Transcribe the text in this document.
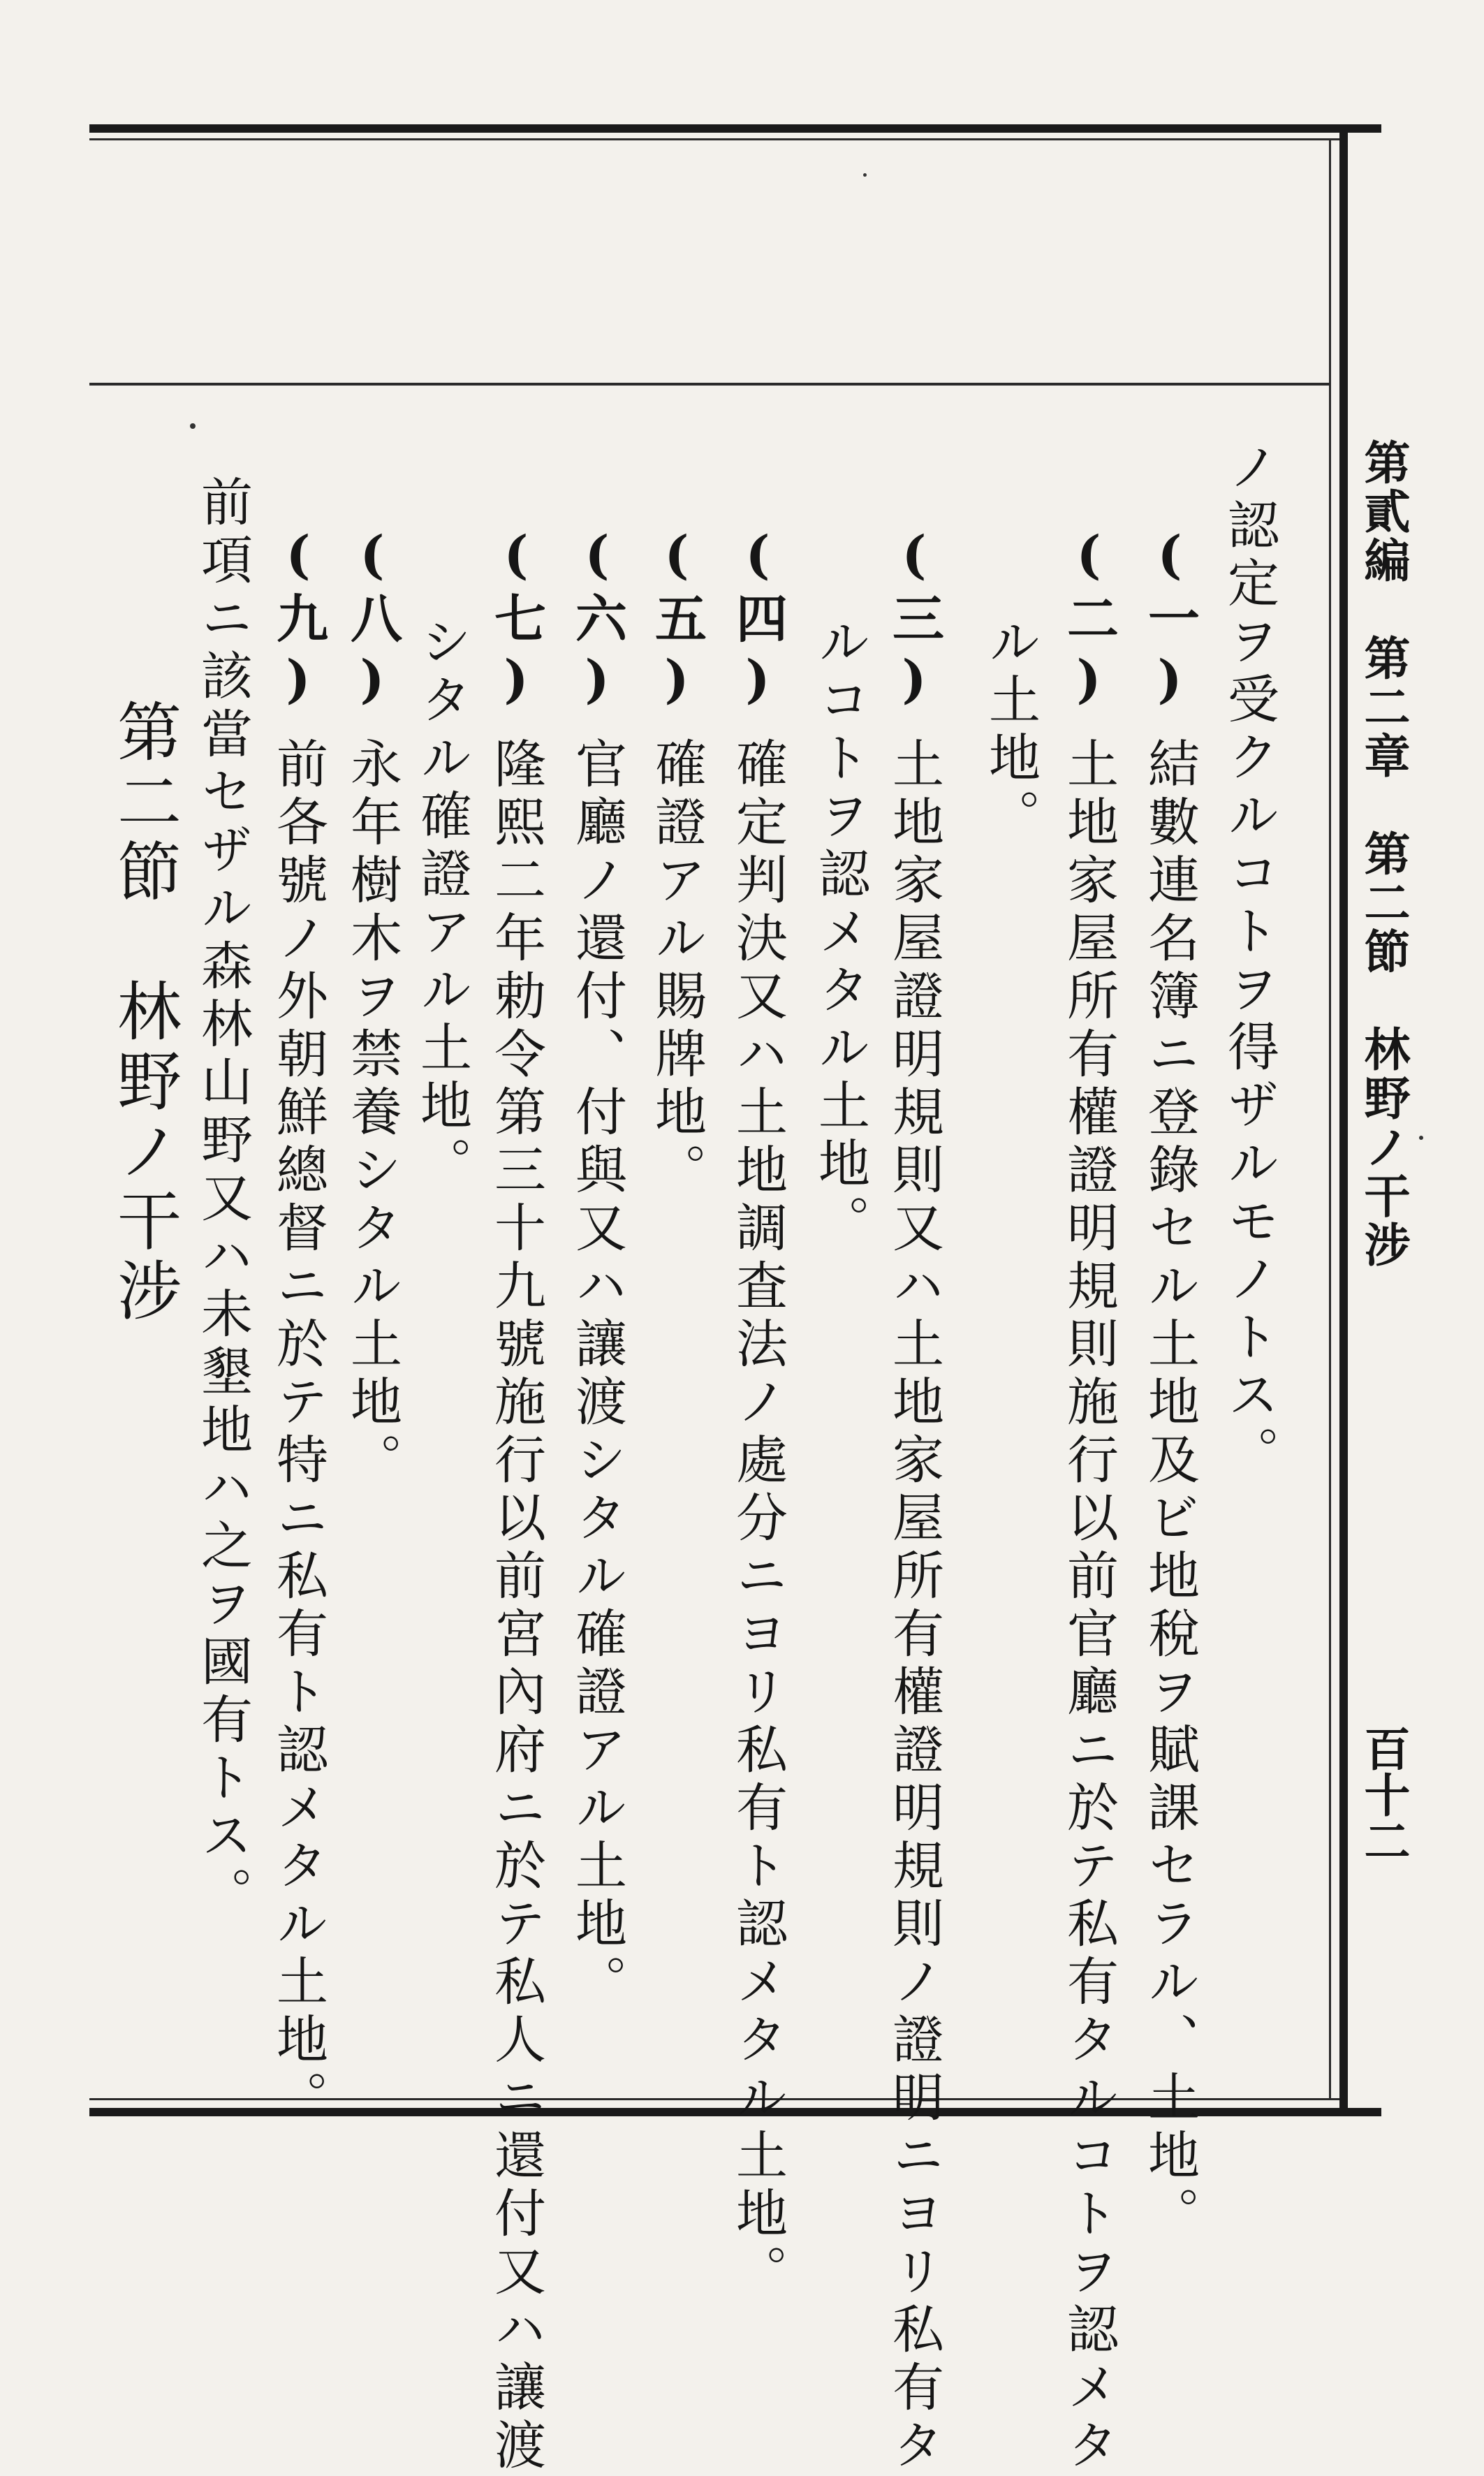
第貳編　第二章　第二節　林野ノ干涉
百十二
ノ認定ヲ受クルコトヲ得ザルモノトス。
(一)結數連名簿ニ登錄セル土地及ビ地稅ヲ賦課セラル、土地。
(二)土地家屋所有權證明規則施行以前官廳ニ於テ私有タルコトヲ認メタ
ル土地。
(三)土地家屋證明規則又ハ土地家屋所有權證明規則ノ證明ニヨリ私有タ
ルコトヲ認メタル土地。
(四)確定判決又ハ土地調査法ノ處分ニヨリ私有ト認メタル土地。
(五)確證アル賜牌地。
(六)官廳ノ還付、付與又ハ讓渡シタル確證アル土地。
(七)隆熙二年勅令第三十九號施行以前宮內府ニ於テ私人ニ還付又ハ讓渡
シタル確證アル土地。
(八)永年樹木ヲ禁養シタル土地。
(九)前各號ノ外朝鮮總督ニ於テ特ニ私有ト認メタル土地。
前項ニ該當セザル森林山野又ハ未墾地ハ之ヲ國有トス。
第二節　林野ノ干涉
